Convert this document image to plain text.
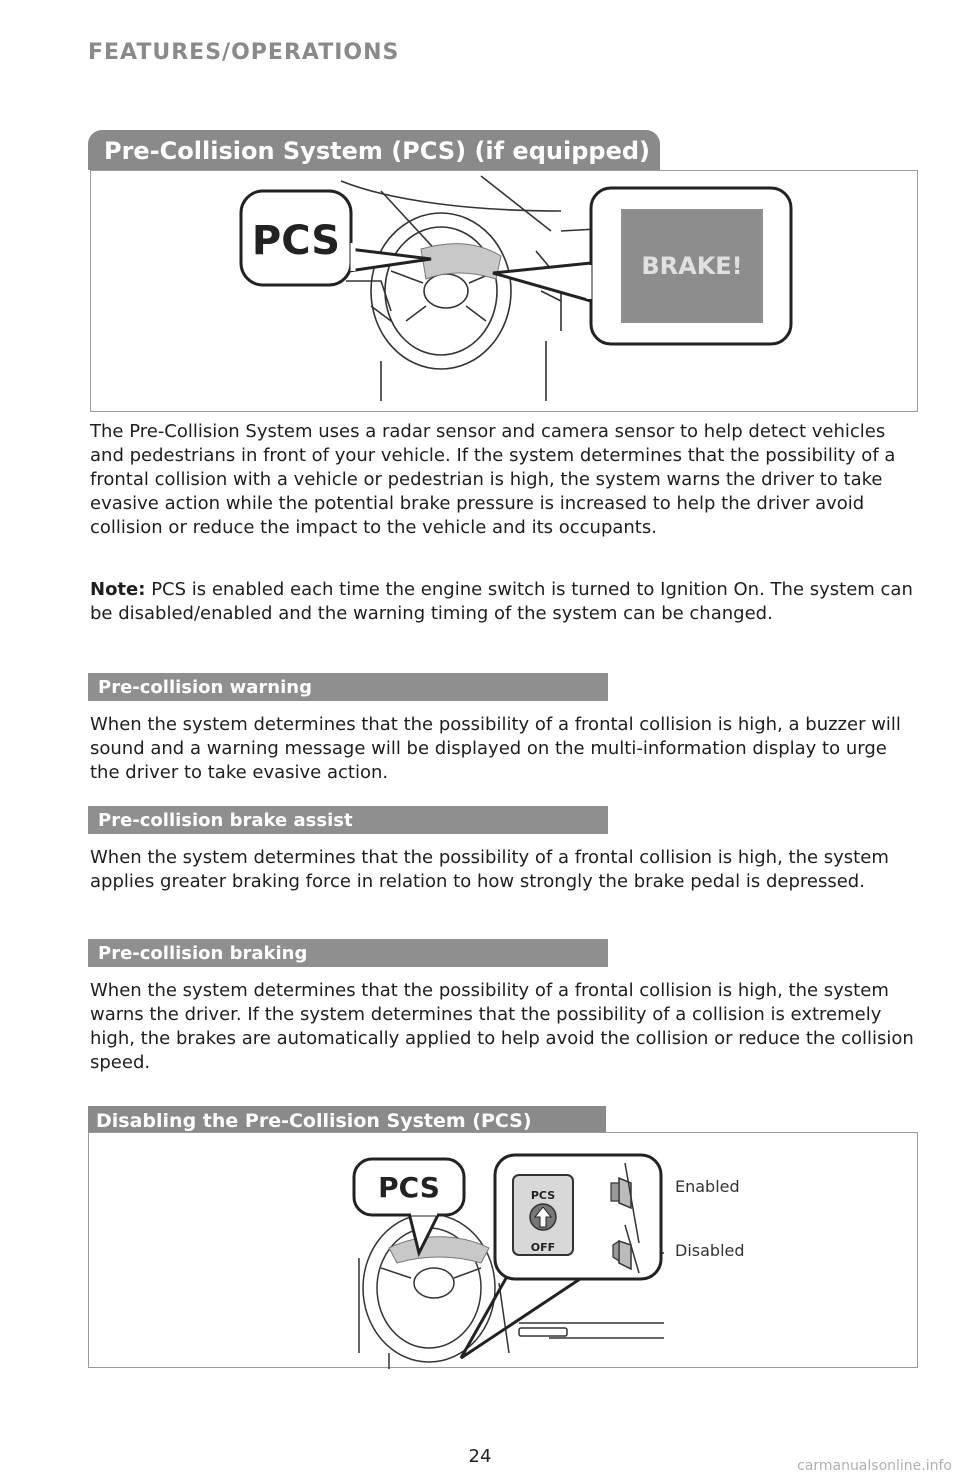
FEATURES/OPERATIONS
Pre-Collision System (PCS) (if equipped)
PCS
BRAKE!

The Pre-Collision System uses a radar sensor and camera sensor to help detect vehicles and pedestrians in front of your vehicle. If the system determines that the possibility of a frontal collision with a vehicle or pedestrian is high, the system warns the driver to take evasive action while the potential brake pressure is increased to help the driver avoid collision or reduce the impact to the vehicle and its occupants.

Note: PCS is enabled each time the engine switch is turned to Ignition On. The system can be disabled/enabled and the warning timing of the system can be changed.

Pre-collision warning

When the system determines that the possibility of a frontal collision is high, a buzzer will sound and a warning message will be displayed on the multi-information display to urge the driver to take evasive action.

Pre-collision brake assist

When the system determines that the possibility of a frontal collision is high, the system applies greater braking force in relation to how strongly the brake pedal is depressed.

Pre-collision braking

When the system determines that the possibility of a frontal collision is high, the system warns the driver. If the system determines that the possibility of a collision is extremely high, the brakes are automatically applied to help avoid the collision or reduce the collision speed.

Disabling the Pre-Collision System (PCS)
PCS	PCS
OFF
Enabled
Disabled
24	carmanualsonline.info
